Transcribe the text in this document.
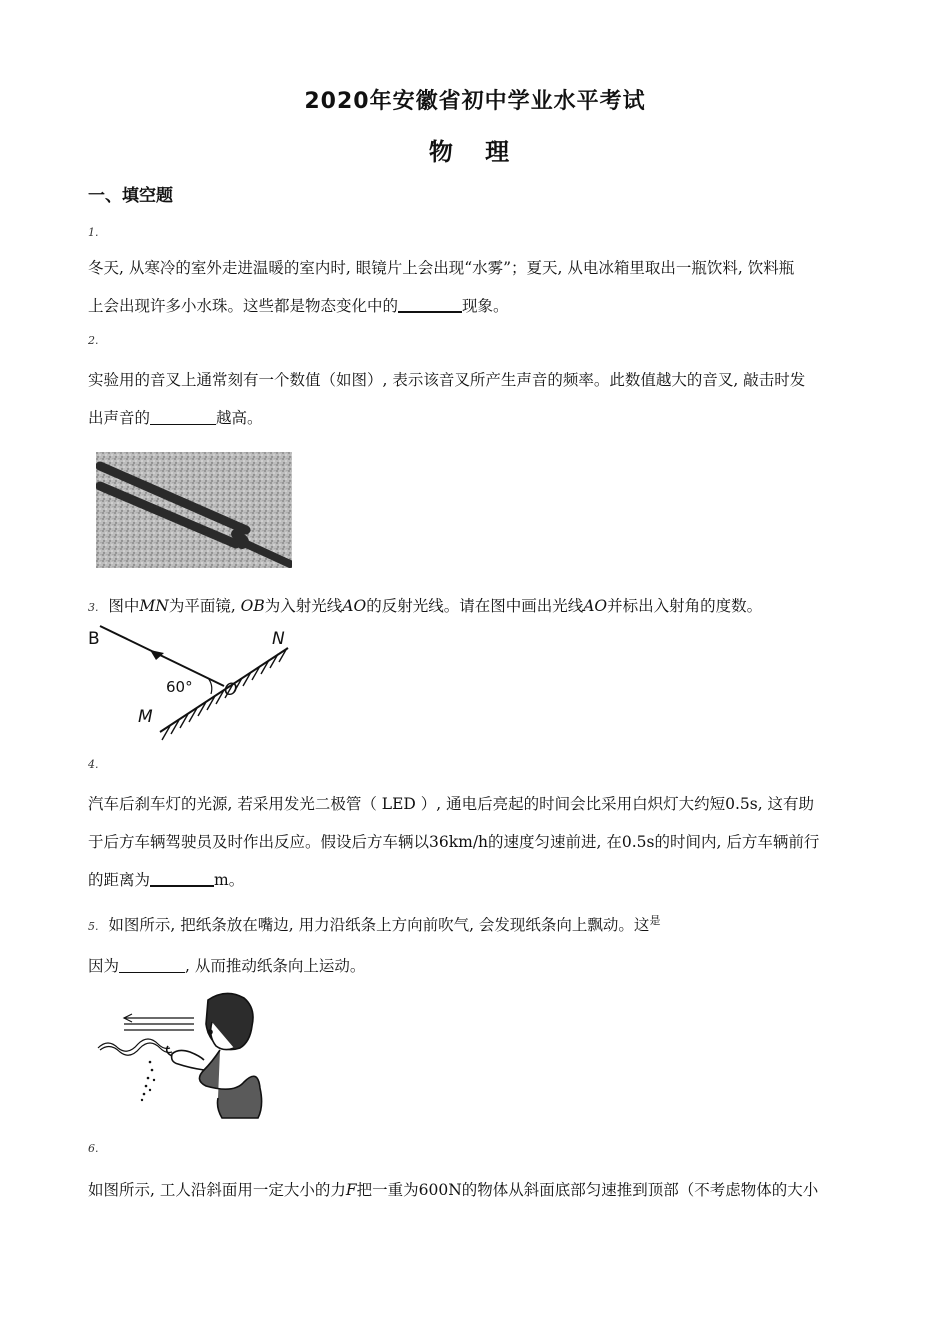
2020年安徽省初中学业水平考试
物 理
一、填空题
1.
冬天, 从寒冷的室外走进温暖的室内时, 眼镜片上会出现“水雾”；夏天, 从电冰箱里取出一瓶饮料, 饮料瓶
上会出现许多小水珠。这些都是物态变化中的	现象。
2.
实验用的音叉上通常刻有一个数值（如图）, 表示该音叉所产生声音的频率。此数值越大的音叉, 敲击时发
出声音的	越高。
3. 图中MN为平面镜, OB为入射光线AO的反射光线。请在图中画出光线AO并标出入射角的度数。
B	N
M
O
60°
4.
汽车后刹车灯的光源, 若采用发光二极管（ LED ）, 通电后亮起的时间会比采用白炽灯大约短0.5s, 这有助
于后方车辆驾驶员及时作出反应。假设后方车辆以36km/h的速度匀速前进, 在0.5s的时间内, 后方车辆前行
的距离为	m。
5. 如图所示, 把纸条放在嘴边, 用力沿纸条上方向前吹气, 会发现纸条向上飘动。这$^是$
因为	, 从而推动纸条向上运动。
6.
如图所示, 工人沿斜面用一定大小的力F把一重为600N的物体从斜面底部匀速推到顶部（不考虑物体的大小
